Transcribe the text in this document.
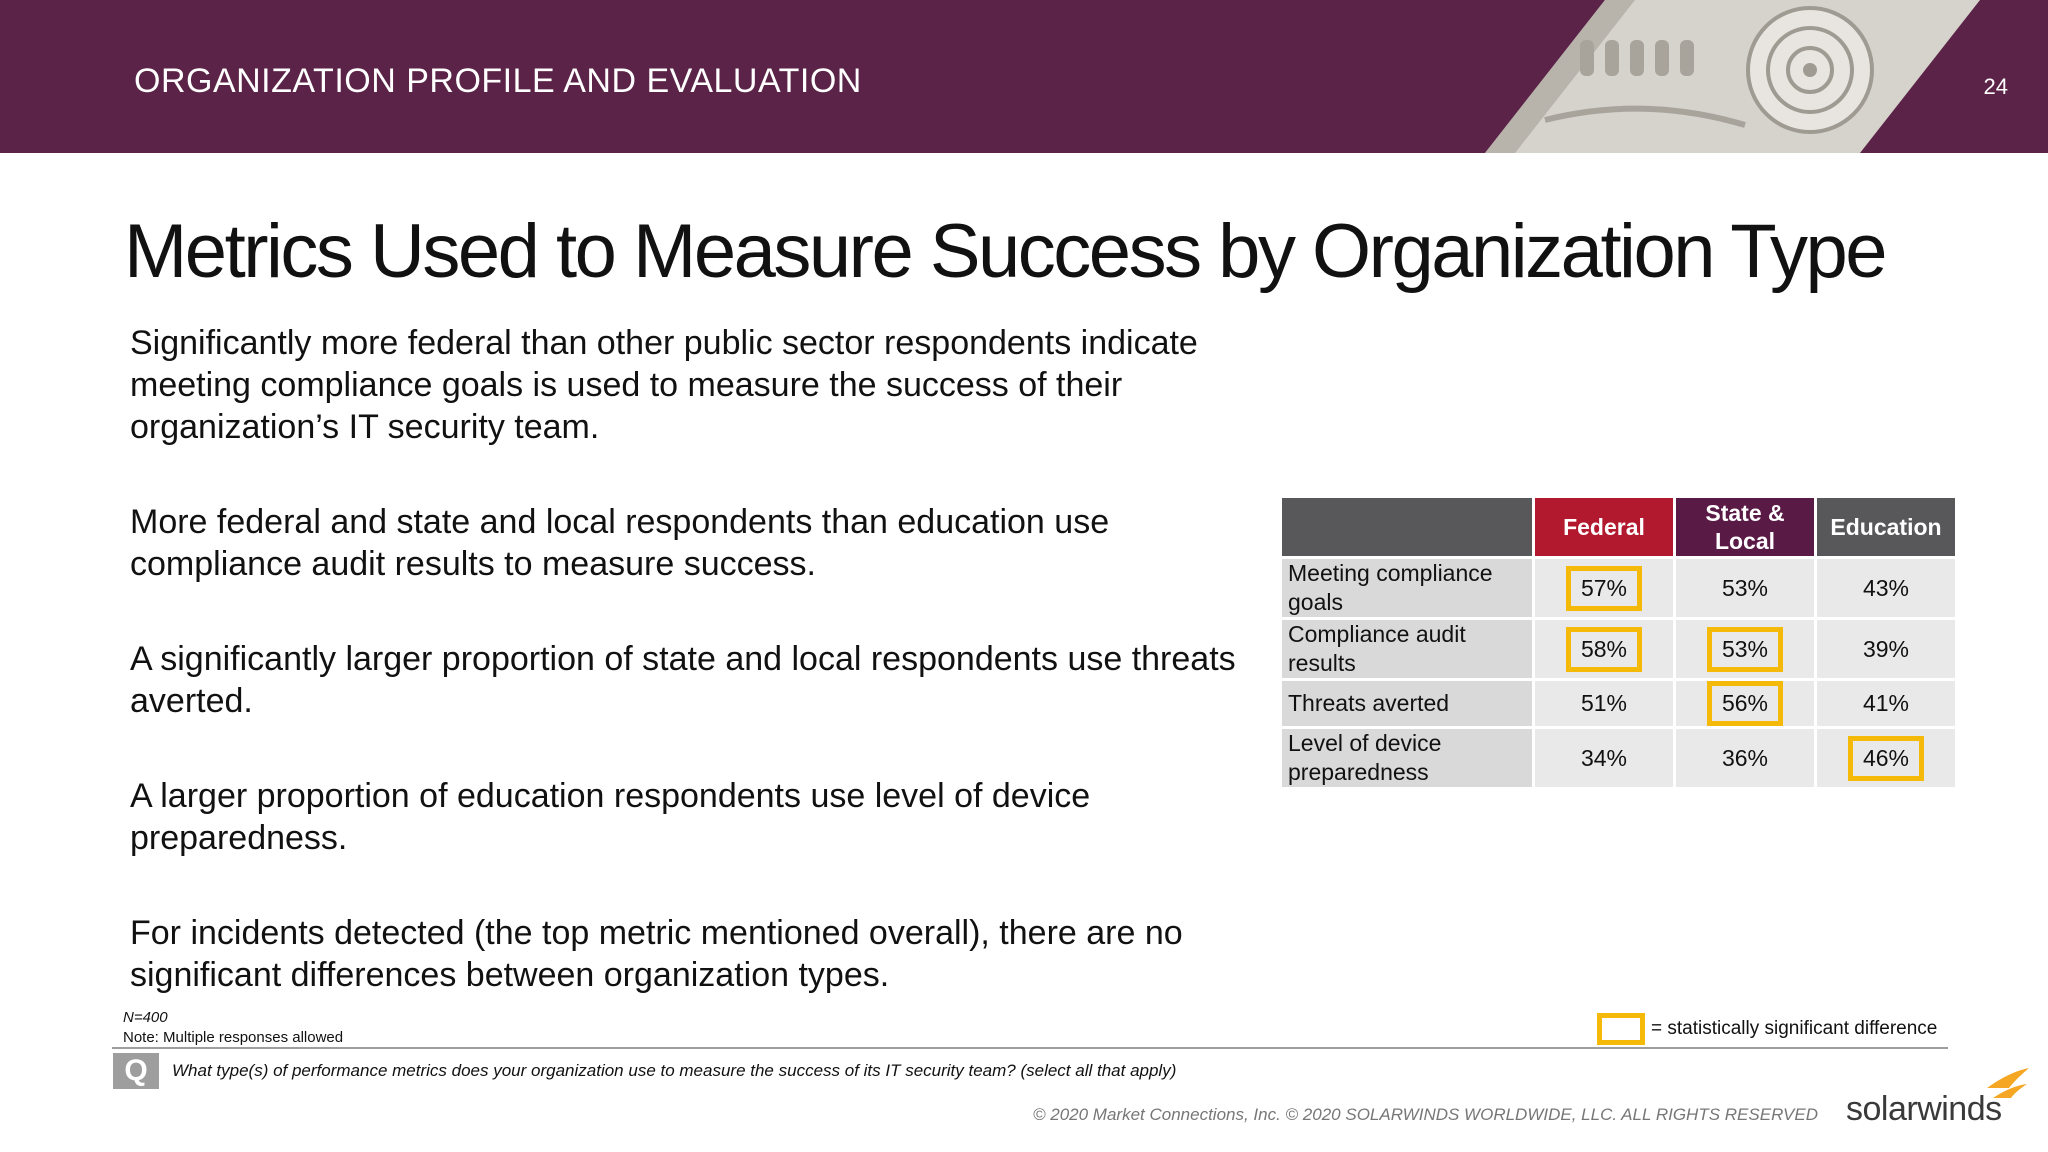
ORGANIZATION PROFILE AND EVALUATION	24
Metrics Used to Measure Success by Organization Type

Significantly more federal than other public sector respondents indicate meeting compliance goals is used to measure the success of their organization’s IT security team.

More federal and state and local respondents than education use compliance audit results to measure success.

A significantly larger proportion of state and local respondents use threats averted.

A larger proportion of education respondents use level of device preparedness.

For incidents detected (the top metric mentioned overall), there are no significant differences between organization types.

	Federal	State & Local	Education
Meeting compliance goals	57%	53%	43%
Compliance audit results	58%	53%	39%
Threats averted	51%	56%	41%
Level of device preparedness	34%	36%	46%
N=400
Note: Multiple responses allowed	= statistically significant difference
Q	What type(s) of performance metrics does your organization use to measure the success of its IT security team? (select all that apply)
© 2020 Market Connections, Inc. © 2020 SOLARWINDS WORLDWIDE, LLC. ALL RIGHTS RESERVED solarwinds
